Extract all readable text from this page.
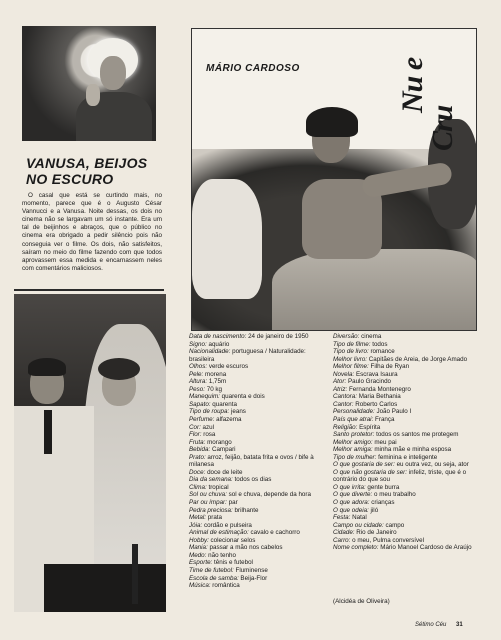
VANUSA, BEIJOS
NO ESCURO

O casal que está se curtindo mais, no momento, parece que é o Augusto César Vannucci e a Vanusa. Noite dessas, os dois no cinema não se largavam um só instante. Era um tal de beijinhos e abraços, que o público no cinema era obrigado a pedir silêncio pois não conseguia ver o filme. Os dois, não satisfeitos, saíram no meio do filme fazendo com que todos aprovassem essa medida e encarnassem neles com comentários maliciosos.

MÁRIO CARDOSO	Nu e
Cru
Data de nascimento: 24 de janeiro de 1950
Signo: aquário
Nacionalidade: portuguesa / Naturalidade: brasileira
Olhos: verde escuros
Pele: morena
Altura: 1,75m
Peso: 70 kg
Manequim: quarenta e dois
Sapato: quarenta
Tipo de roupa: jeans
Perfume: alfazema
Cor: azul
Flor: rosa
Fruta: morango
Bebida: Campari
Prato: arroz, feijão, batata frita e ovos / bife à milanesa
Doce: doce de leite
Dia da semana: todos os dias
Clima: tropical
Sol ou chuva: sol e chuva, depende da hora
Par ou ímpar: par
Pedra preciosa: brilhante
Metal: prata
Jóia: cordão e pulseira
Animal de estimação: cavalo e cachorro
Hobby: colecionar selos
Mania: passar a mão nos cabelos
Medo: não tenho
Esporte: tênis e futebol
Time de futebol: Fluminense
Escola de samba: Beija-Flor
Música: romântica
Diversão: cinema
Tipo de filme: todos
Tipo de livro: romance
Melhor livro: Capitães de Areia, de Jorge Amado
Melhor filme: Filha de Ryan
Novela: Escrava Isaura
Ator: Paulo Gracindo
Atriz: Fernanda Montenegro
Cantora: Maria Bethania
Cantor: Roberto Carlos
Personalidade: João Paulo I
País que atrai: França
Religião: Espírita
Santo protetor: todos os santos me protegem
Melhor amigo: meu pai
Melhor amiga: minha mãe e minha esposa
Tipo de mulher: feminina e inteligente
O que gostaria de ser: eu outra vez, ou seja, ator
O que não gostaria de ser: infeliz, triste, que é o contrário do que sou
O que irrita: gente burra
O que diverte: o meu trabalho
O que adora: crianças
O que odeia: jiló
Festa: Natal
Campo ou cidade: campo
Cidade: Rio de Janeiro
Carro: o meu, Pulma conversível
Nome completo: Mário Manoel Cardoso de Araújo
(Alcidéa de Oliveira)
Sétimo Céu 31
